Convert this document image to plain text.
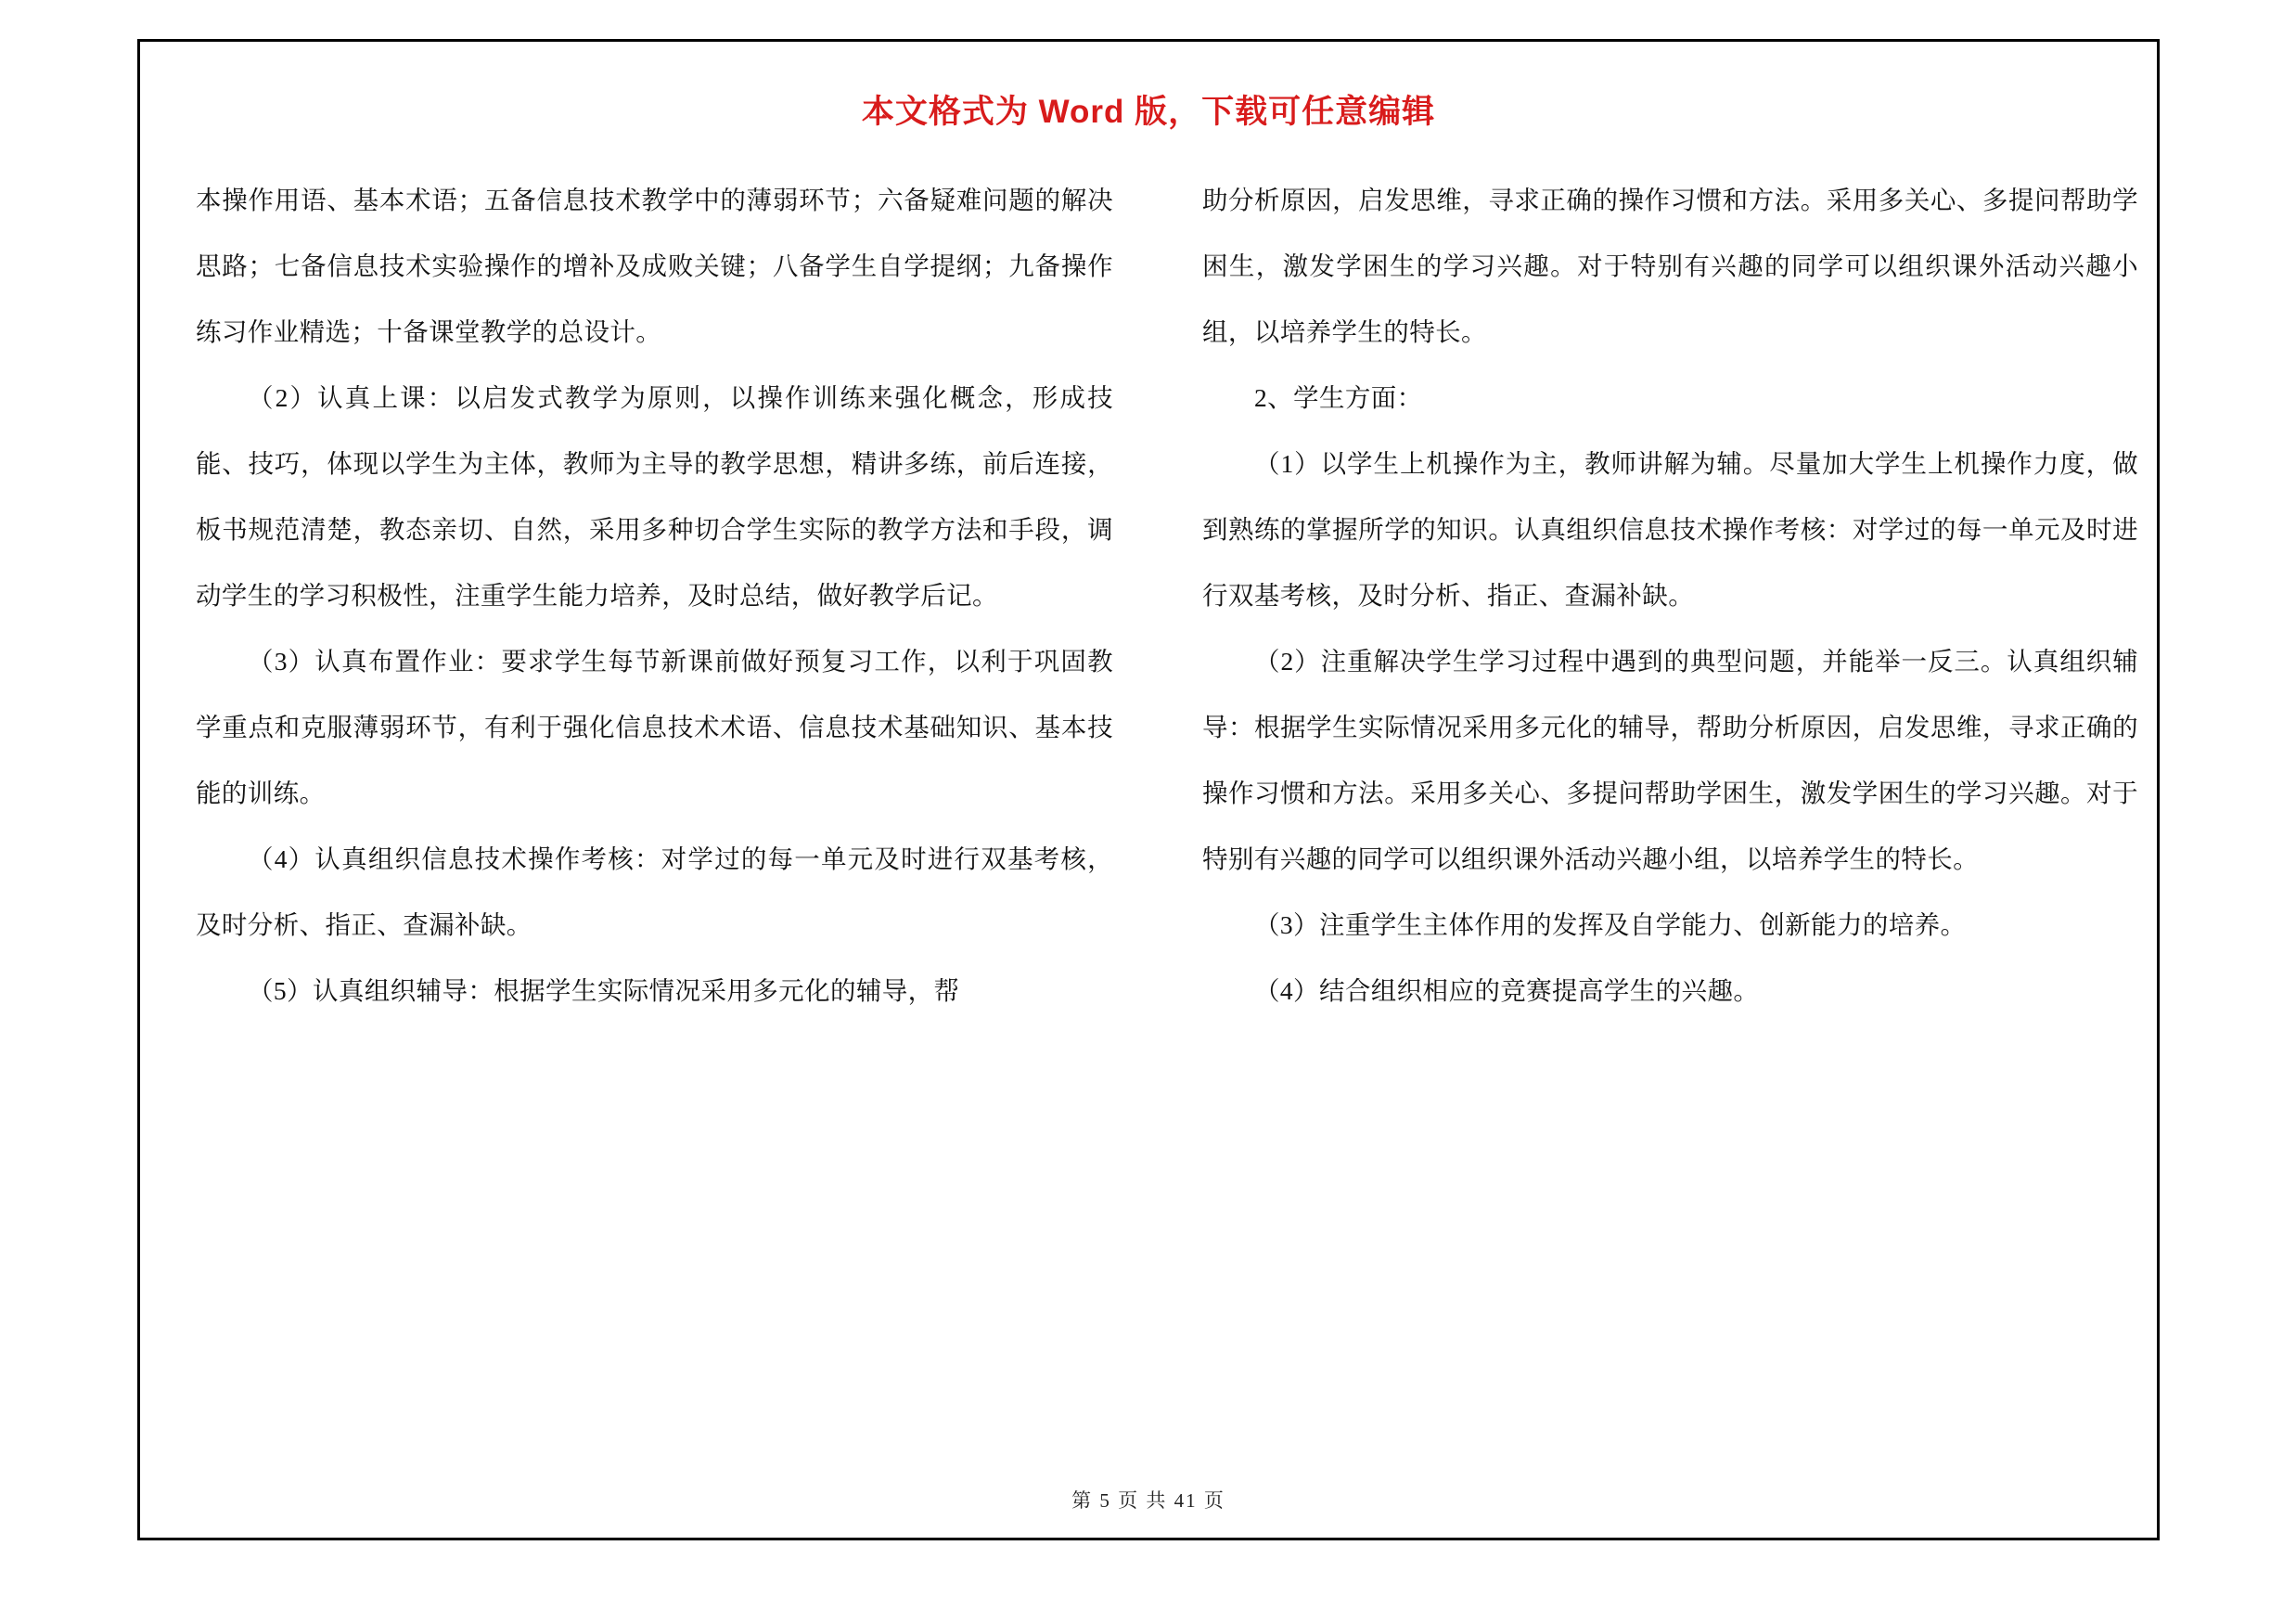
本文格式为 Word 版，下载可任意编辑

本操作用语、基本术语；五备信息技术教学中的薄弱环节；六备疑难问题的解决思路；七备信息技术实验操作的增补及成败关键；八备学生自学提纲；九备操作练习作业精选；十备课堂教学的总设计。

（2）认真上课：以启发式教学为原则，以操作训练来强化概念，形成技能、技巧，体现以学生为主体，教师为主导的教学思想，精讲多练，前后连接，板书规范清楚，教态亲切、自然，采用多种切合学生实际的教学方法和手段，调动学生的学习积极性，注重学生能力培养，及时总结，做好教学后记。

（3）认真布置作业：要求学生每节新课前做好预复习工作，以利于巩固教学重点和克服薄弱环节，有利于强化信息技术术语、信息技术基础知识、基本技能的训练。

（4）认真组织信息技术操作考核：对学过的每一单元及时进行双基考核，及时分析、指正、查漏补缺。

（5）认真组织辅导：根据学生实际情况采用多元化的辅导，帮

助分析原因，启发思维，寻求正确的操作习惯和方法。采用多关心、多提问帮助学困生，激发学困生的学习兴趣。对于特别有兴趣的同学可以组织课外活动兴趣小组，以培养学生的特长。

2、学生方面：

（1）以学生上机操作为主，教师讲解为辅。尽量加大学生上机操作力度，做到熟练的掌握所学的知识。认真组织信息技术操作考核：对学过的每一单元及时进行双基考核，及时分析、指正、查漏补缺。

（2）注重解决学生学习过程中遇到的典型问题，并能举一反三。认真组织辅导：根据学生实际情况采用多元化的辅导，帮助分析原因，启发思维，寻求正确的操作习惯和方法。采用多关心、多提问帮助学困生，激发学困生的学习兴趣。对于特别有兴趣的同学可以组织课外活动兴趣小组，以培养学生的特长。

（3）注重学生主体作用的发挥及自学能力、创新能力的培养。

（4）结合组织相应的竞赛提高学生的兴趣。

第 5 页 共 41 页
